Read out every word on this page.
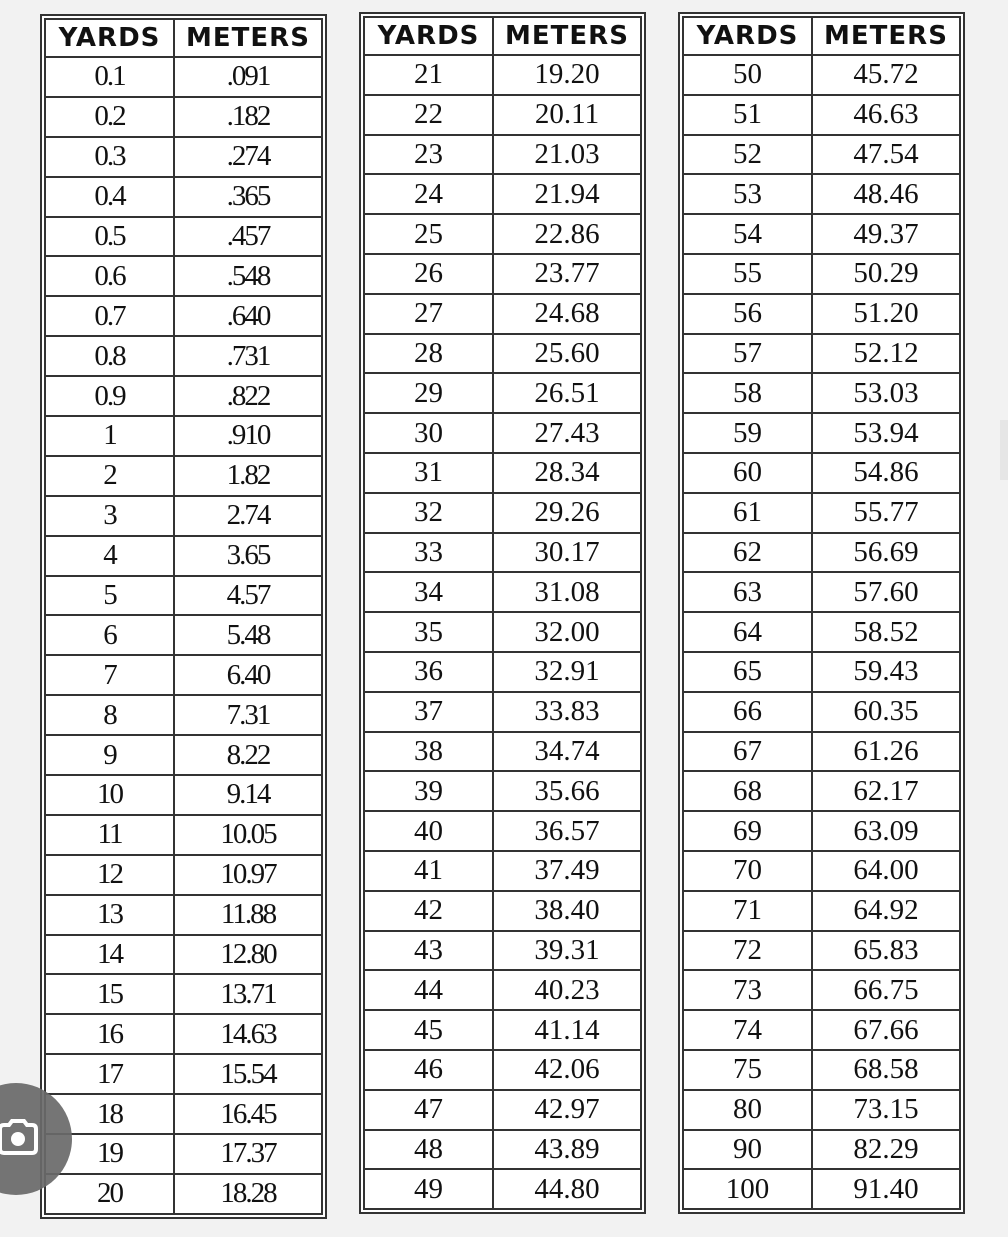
YARDS	METERS
0.1	.091
0.2	.182
0.3	.274
0.4	.365
0.5	.457
0.6	.548
0.7	.640
0.8	.731
0.9	.822
1	.910
2	1.82
3	2.74
4	3.65
5	4.57
6	5.48
7	6.40
8	7.31
9	8.22
10	9.14
11	10.05
12	10.97
13	11.88
14	12.80
15	13.71
16	14.63
17	15.54
18	16.45
19	17.37
20	18.28
YARDS	METERS
21	19.20
22	20.11
23	21.03
24	21.94
25	22.86
26	23.77
27	24.68
28	25.60
29	26.51
30	27.43
31	28.34
32	29.26
33	30.17
34	31.08
35	32.00
36	32.91
37	33.83
38	34.74
39	35.66
40	36.57
41	37.49
42	38.40
43	39.31
44	40.23
45	41.14
46	42.06
47	42.97
48	43.89
49	44.80
YARDS	METERS
50	45.72
51	46.63
52	47.54
53	48.46
54	49.37
55	50.29
56	51.20
57	52.12
58	53.03
59	53.94
60	54.86
61	55.77
62	56.69
63	57.60
64	58.52
65	59.43
66	60.35
67	61.26
68	62.17
69	63.09
70	64.00
71	64.92
72	65.83
73	66.75
74	67.66
75	68.58
80	73.15
90	82.29
100	91.40
